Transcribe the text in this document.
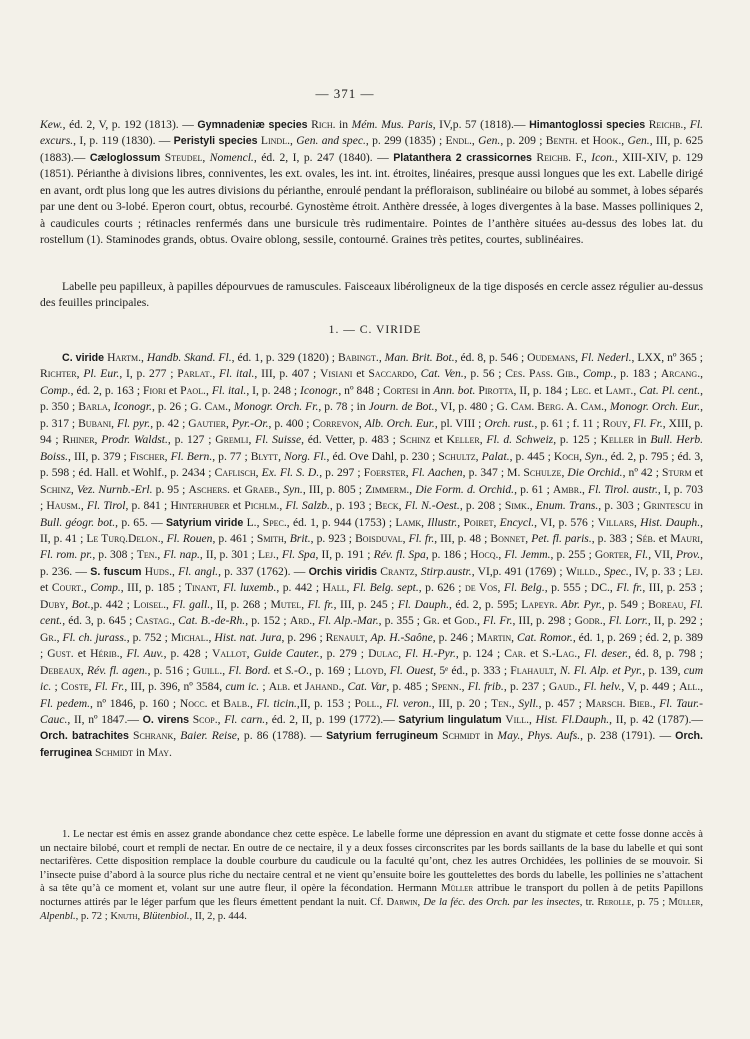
— 371 —

Kew., éd. 2, V, p. 192 (1813). — Gymnadeniæ species Rich. in Mém. Mus. Paris, IV,p. 57 (1818).— Himantoglossi species Reichb., Fl. excurs., I, p. 119 (1830). — Peristyli species Lindl., Gen. and spec., p. 299 (1835) ; Endl., Gen., p. 209 ; Benth. et Hook., Gen., III, p. 625 (1883).— Cæloglossum Steudel, Nomencl., éd. 2, I, p. 247 (1840). — Platanthera 2 crassicornes Reichb. F., Icon., XIII-XIV, p. 129 (1851). Périanthe à divisions libres, conniventes, les ext. ovales, les int. int. étroites, linéaires, presque aussi longues que les ext. Labelle dirigé en avant, ordt plus long que les autres divisions du périanthe, enroulé pendant la préfloraison, sublinéaire ou bilobé au sommet, à lobes séparés par une dent ou 3-lobé. Eperon court, obtus, recourbé. Gynostème étroit. Anthère dressée, à loges divergentes à la base. Masses polliniques 2, à caudicules courts ; rétinacles renfermés dans une bursicule très rudimentaire. Pointes de l’anthère situées au-dessus des lobes lat. du rostellum (1). Staminodes grands, obtus. Ovaire oblong, sessile, contourné. Graines très petites, courtes, sublinéaires.

Labelle peu papilleux, à papilles dépourvues de ramuscules. Faisceaux libéroligneux de la tige disposés en cercle assez régulier au-dessus des feuilles principales.

1. — C. VIRIDE

C. viride Hartm., Handb. Skand. Fl., éd. 1, p. 329 (1820) ; Babingt., Man. Brit. Bot., éd. 8, p. 546 ; Oudemans, Fl. Nederl., LXX, nº 365 ; Richter, Pl. Eur., I, p. 277 ; Parlat., Fl. ital., III, p. 407 ; Visiani et Saccardo, Cat. Ven., p. 56 ; Ces. Pass. Gib., Comp., p. 183 ; Arcang., Comp., éd. 2, p. 163 ; Fiori et Paol., Fl. ital., I, p. 248 ; Iconogr., nº 848 ; Cortesi in Ann. bot. Pirotta, II, p. 184 ; Lec. et Lamt., Cat. Pl. cent., p. 350 ; Barla, Iconogr., p. 26 ; G. Cam., Monogr. Orch. Fr., p. 78 ; in Journ. de Bot., VI, p. 480 ; G. Cam. Berg. A. Cam., Monogr. Orch. Eur., p. 317 ; Bubani, Fl. pyr., p. 42 ; Gautier, Pyr.-Or., p. 400 ; Correvon, Alb. Orch. Eur., pl. VIII ; Orch. rust., p. 61 ; f. 11 ; Rouy, Fl. Fr., XIII, p. 94 ; Rhiner, Prodr. Waldst., p. 127 ; Gremli, Fl. Suisse, éd. Vetter, p. 483 ; Schinz et Keller, Fl. d. Schweiz, p. 125 ; Keller in Bull. Herb. Boiss., III, p. 379 ; Fischer, Fl. Bern., p. 77 ; Blytt, Norg. Fl., éd. Ove Dahl, p. 230 ; Schultz, Palat., p. 445 ; Koch, Syn., éd. 2, p. 795 ; éd. 3, p. 598 ; éd. Hall. et Wohlf., p. 2434 ; Caflisch, Ex. Fl. S. D., p. 297 ; Foerster, Fl. Aachen, p. 347 ; M. Schulze, Die Orchid., nº 42 ; Sturm et Schinz, Vez. Nurnb.-Erl. p. 95 ; Aschers. et Graeb., Syn., III, p. 805 ; Zimmerm., Die Form. d. Orchid., p. 61 ; Ambr., Fl. Tirol. austr., I, p. 703 ; Hausm., Fl. Tirol, p. 841 ; Hinterhuber et Pichlm., Fl. Salzb., p. 193 ; Beck, Fl. N.-Oest., p. 208 ; Simk., Enum. Trans., p. 303 ; Grintescu in Bull. géogr. bot., p. 65. — Satyrium viride L., Spec., éd. 1, p. 944 (1753) ; Lamk, Illustr., Poiret, Encycl., VI, p. 576 ; Villars, Hist. Dauph., II, p. 41 ; Le Turq.Delon., Fl. Rouen, p. 461 ; Smith, Brit., p. 923 ; Boisduval, Fl. fr., III, p. 48 ; Bonnet, Pet. fl. paris., p. 383 ; Séb. et Mauri, Fl. rom. pr., p. 308 ; Ten., Fl. nap., II, p. 301 ; Lej., Fl. Spa, II, p. 191 ; Rév. fl. Spa, p. 186 ; Hocq., Fl. Jemm., p. 255 ; Gorter, Fl., VII, Prov., p. 236. — S. fuscum Huds., Fl. angl., p. 337 (1762). — Orchis viridis Crantz, Stirp.austr., VI,p. 491 (1769) ; Willd., Spec., IV, p. 33 ; Lej. et Court., Comp., III, p. 185 ; Tinant, Fl. luxemb., p. 442 ; Hall, Fl. Belg. sept., p. 626 ; de Vos, Fl. Belg., p. 555 ; DC., Fl. fr., III, p. 253 ; Duby, Bot.,p. 442 ; Loisel., Fl. gall., II, p. 268 ; Mutel, Fl. fr., III, p. 245 ; Fl. Dauph., éd. 2, p. 595; Lapeyr. Abr. Pyr., p. 549 ; Boreau, Fl. cent., éd. 3, p. 645 ; Castag., Cat. B.-de-Rh., p. 152 ; Ard., Fl. Alp.-Mar., p. 355 ; Gr. et God., Fl. Fr., III, p. 298 ; Godr., Fl. Lorr., II, p. 292 ; Gr., Fl. ch. jurass., p. 752 ; Michal., Hist. nat. Jura, p. 296 ; Renault, Ap. H.-Saône, p. 246 ; Martin, Cat. Romor., éd. 1, p. 269 ; éd. 2, p. 389 ; Gust. et Hérib., Fl. Auv., p. 428 ; Vallot, Guide Cauter., p. 279 ; Dulac, Fl. H.-Pyr., p. 124 ; Car. et S.-Lag., Fl. deser., éd. 8, p. 798 ; Debeaux, Rév. fl. agen., p. 516 ; Guill., Fl. Bord. et S.-O., p. 169 ; Lloyd, Fl. Ouest, 5ᵉ éd., p. 333 ; Flahault, N. Fl. Alp. et Pyr., p. 139, cum ic. ; Coste, Fl. Fr., III, p. 396, nº 3584, cum ic. ; Alb. et Jahand., Cat. Var, p. 485 ; Spenn., Fl. frib., p. 237 ; Gaud., Fl. helv., V, p. 449 ; All., Fl. pedem., nº 1846, p. 160 ; Nocc. et Balb., Fl. ticin.,II, p. 153 ; Poll., Fl. veron., III, p. 20 ; Ten., Syll., p. 457 ; Marsch. Bieb., Fl. Taur.-Cauc., II, nº 1847.— O. virens Scop., Fl. carn., éd. 2, II, p. 199 (1772).— Satyrium lingulatum Vill., Hist. Fl.Dauph., II, p. 42 (1787).— Orch. batrachites Schrank, Baier. Reise, p. 86 (1788). — Satyrium ferrugineum Schmidt in May., Phys. Aufs., p. 238 (1791). — Orch. ferruginea Schmidt in May.

1. Le nectar est émis en assez grande abondance chez cette espèce. Le labelle forme une dépression en avant du stigmate et cette fosse donne accès à un nectaire bilobé, court et rempli de nectar. En outre de ce nectaire, il y a deux fosses circonscrites par les bords saillants de la base du labelle et qui sont nectarifères. Cette disposition remplace la double courbure du caudicule ou la faculté qu’ont, chez les autres Orchidées, les pollinies de se mouvoir. Si l’insecte puise d’abord à la source plus riche du nectaire central et ne vient qu’ensuite boire les gouttelettes des bords du labelle, les pollinies ne s’attachent à sa tête qu’à ce moment et, volant sur une autre fleur, il opère la fécondation. Hermann Müller attribue le transport du pollen à de petits Papillons nocturnes attirés par le léger parfum que les fleurs émettent pendant la nuit. Cf. Darwin, De la féc. des Orch. par les insectes, tr. Rerolle, p. 75 ; Müller, Alpenbl., p. 72 ; Knuth, Blütenbiol., II, 2, p. 444.
